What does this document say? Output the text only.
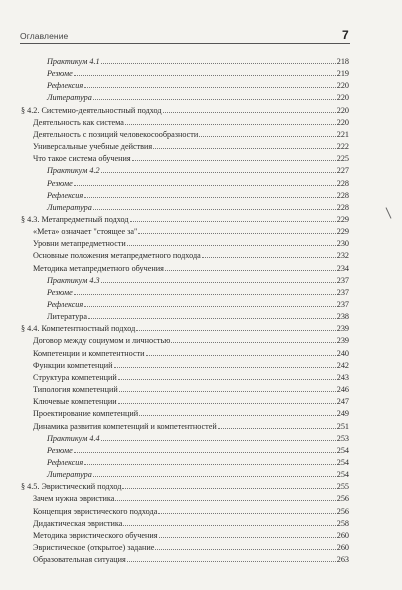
Оглавление	7
Практикум 4.1	218
Резюме	219
Рефлексия	220
Литература	220
§ 4.2. Системно-деятельностный подход	220
Деятельность как система	220
Деятельность с позиций человекосообразности	221
Универсальные учебные действия	222
Что такое система обучения	225
Практикум 4.2	227
Резюме	228
Рефлексия	228
Литература	228
§ 4.3. Метапредметный подход	229
«Мета» означает "стоящее за"	229
Уровни метапредметности	230
Основные положения метапредметного подхода	232
Методика метапредметного обучения	234
Практикум 4.3	237
Резюме	237
Рефлексия	237
Литература	238
§ 4.4. Компетентностный подход	239
Договор между социумом и личностью	239
Компетенции и компетентности	240
Функции компетенций	242
Структура компетенций	243
Типология компетенций	246
Ключевые компетенции	247
Проектирование компетенций	249
Динамика развития компетенций и компетентностей	251
Практикум 4.4	253
Резюме	254
Рефлексия	254
Литература	254
§ 4.5. Эвристический подход	255
Зачем нужна эвристика	256
Концепция эвристического подхода	256
Дидактическая эвристика	258
Методика эвристического обучения	260
Эвристическое (открытое) задание	260
Образовательная ситуация	263
